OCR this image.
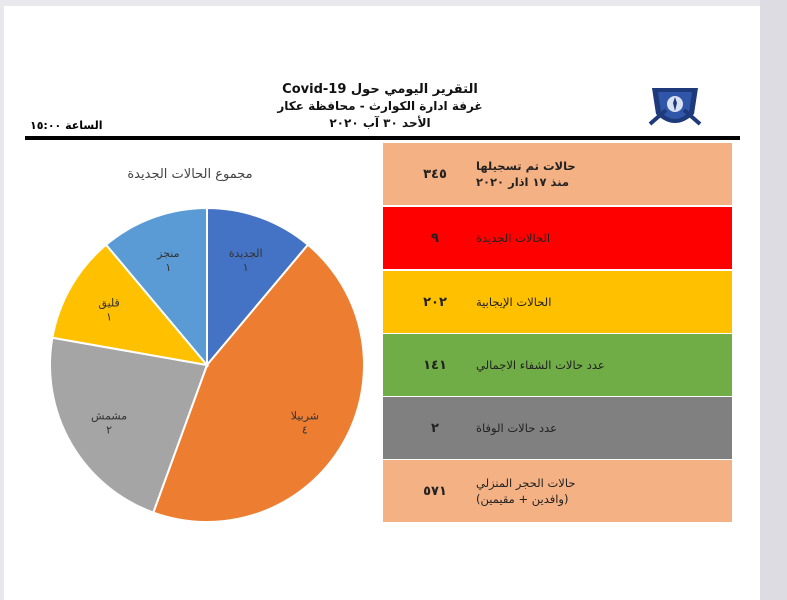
التقرير اليومي حول Covid-19
غرفة ادارة الكوارث - محافظة عكار
الأحد ٣٠ آب ٢٠٢٠
الساعة ١٥:٠٠
مجموع الحالات الجديدة
الجديدة
١
شربيلا
٤
مشمش
٢
قليق
١
منجز
١
حالات تم تسجيلها
منذ ١٧ اذار ٢٠٢٠
٣٤٥
الحالات الجديدة
٩
الحالات الإيجابية
٢٠٢
عدد حالات الشفاء الاجمالي
١٤١
عدد حالات الوفاة
٢
حالات الحجر المنزلي
(وافدين + مقيمين)
٥٧١
